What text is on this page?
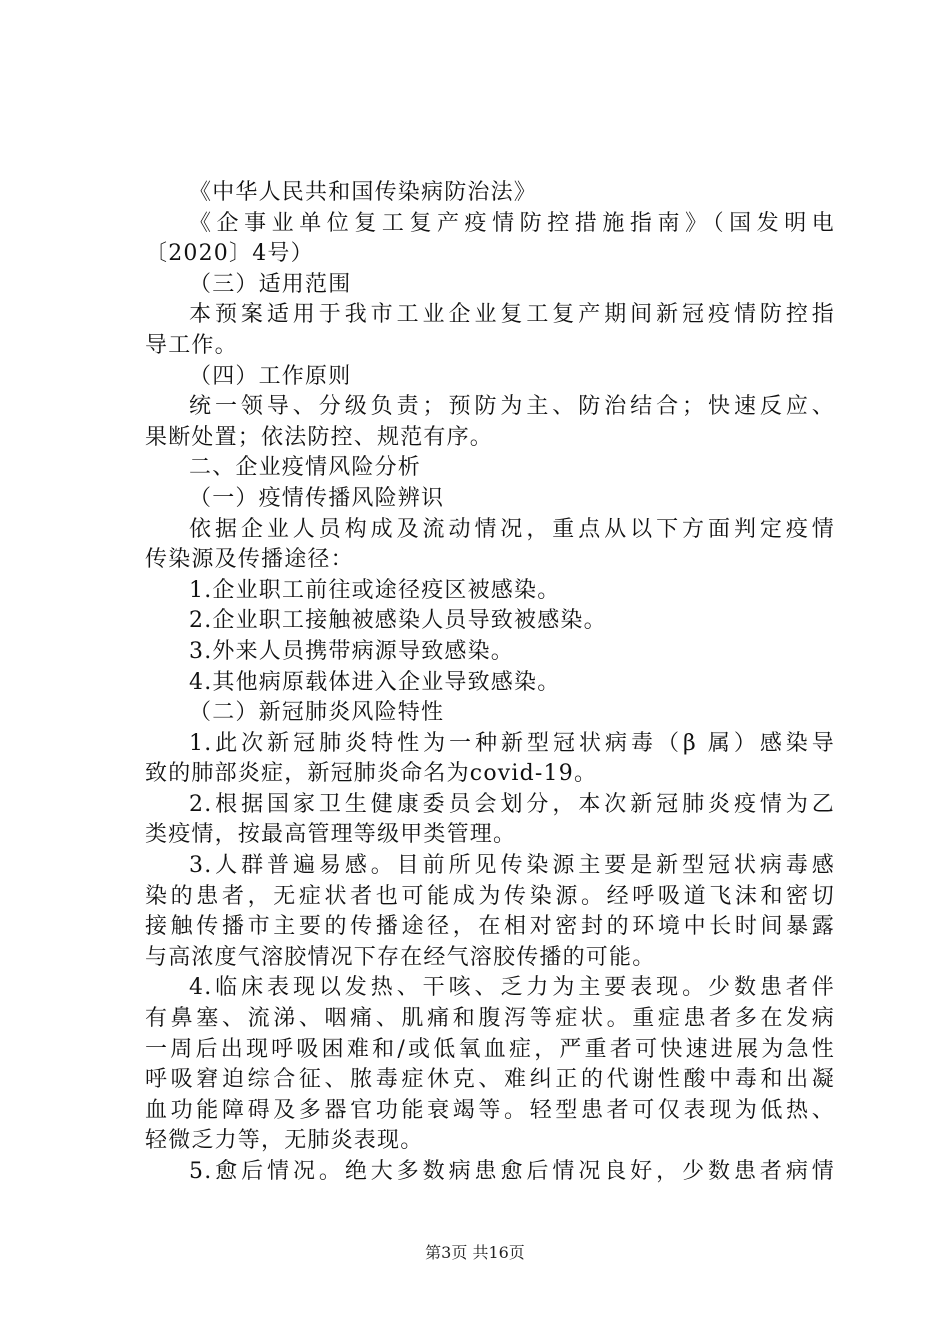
《中华人民共和国传染病防治法》
《企事业单位复工复产疫情防控措施指南》（国发明电
〔2020〕4号）
（三）适用范围
本预案适用于我市工业企业复工复产期间新冠疫情防控指
导工作。
（四）工作原则
统一领导、分级负责；预防为主、防治结合；快速反应、
果断处置；依法防控、规范有序。
二、企业疫情风险分析
（一）疫情传播风险辨识
依据企业人员构成及流动情况，重点从以下方面判定疫情
传染源及传播途径：
1.企业职工前往或途径疫区被感染。
2.企业职工接触被感染人员导致被感染。
3.外来人员携带病源导致感染。
4.其他病原载体进入企业导致感染。
（二）新冠肺炎风险特性
1.此次新冠肺炎特性为一种新型冠状病毒（β 属）感染导
致的肺部炎症，新冠肺炎命名为covid-19。
2.根据国家卫生健康委员会划分，本次新冠肺炎疫情为乙
类疫情，按最高管理等级甲类管理。
3.人群普遍易感。目前所见传染源主要是新型冠状病毒感
染的患者，无症状者也可能成为传染源。经呼吸道飞沫和密切
接触传播市主要的传播途径，在相对密封的环境中长时间暴露
与高浓度气溶胶情况下存在经气溶胶传播的可能。
4.临床表现以发热、干咳、乏力为主要表现。少数患者伴
有鼻塞、流涕、咽痛、肌痛和腹泻等症状。重症患者多在发病
一周后出现呼吸困难和/或低氧血症，严重者可快速进展为急性
呼吸窘迫综合征、脓毒症休克、难纠正的代谢性酸中毒和出凝
血功能障碍及多器官功能衰竭等。轻型患者可仅表现为低热、
轻微乏力等，无肺炎表现。
5.愈后情况。绝大多数病患愈后情况良好，少数患者病情
第3页 共16页
